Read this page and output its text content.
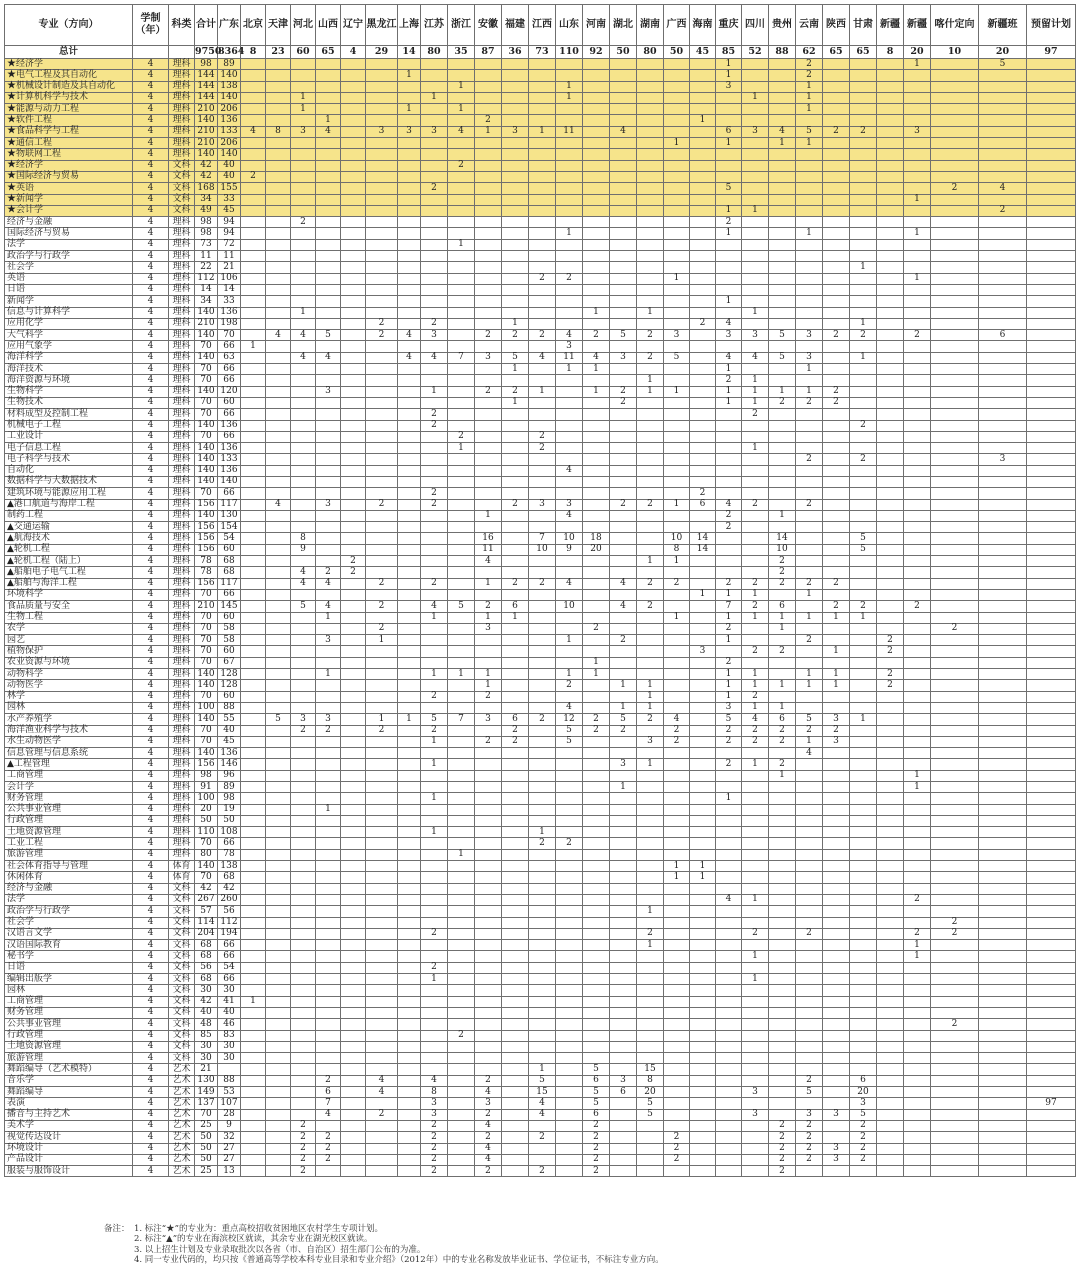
专业（方向）	学制（年）	科类	合计	广东	北京	天津	河北	山西	辽宁	黑龙江	上海	江苏	浙江	安徽	福建	江西	山东	河南	湖北	湖南	广西	海南	重庆	四川	贵州	云南	陕西	甘肃	新疆	新疆	喀什定向	新疆班	预留计划
总计			9750	8364	8	23	60	65	4	29	14	80	35	87	36	73	110	92	50	80	50	45	85	52	88	62	65	65	8	20	10	20	97
★经济学	4	理科	98	89																			1			2				1		5	
★电气工程及其自动化	4	理科	144	140							1												1			2							
★机械设计制造及其自动化	4	理科	144	138									1				1						3			1							
★计算机科学与技术	4	理科	144	140			1					1					1							1		1							
★能源与动力工程	4	理科	210	206			1				1		1													1							
★软件工程	4	理科	140	136				1						2								1											
★食品科学与工程	4	理科	210	133	4	8	3	4		3	3	3	4	1	3	1	11		4				6	3	4	5	2	2		3			
★通信工程	4	理科	210	206																	1		1		1	1							
★物联网工程	4	理科	140	140																													
★经济学	4	文科	42	40									2																				
★国际经济与贸易	4	文科	42	40	2																												
★英语	4	文科	168	155								2											5								2	4	
★新闻学	4	文科	34	33																										1			
★会计学	4	文科	49	45																			1	1								2	
经济与金融	4	理科	98	94			2																2										
国际经济与贸易	4	理科	98	94													1						1			1				1			
法学	4	理科	73	72									1																				
政治学与行政学	4	理科	11	11																													
社会学	4	理科	22	21																								1					
英语	4	理科	112	106												2	2				1									1			
日语	4	理科	14	14																													
新闻学	4	理科	34	33																			1										
信息与计算科学	4	理科	140	136			1											1		1				1									
应用化学	4	理科	210	198						2		2			1							2	4					1					
大气科学	4	理科	140	70		4	4	5		2	4	3		2	2	2	4	2	5	2	3		3	3	5	3	2	2		2		6	
应用气象学	4	理科	70	66	1												3																
海洋科学	4	理科	140	63			4	4			4	4	7	3	5	4	11	4	3	2	5		4	4	5	3		1					
海洋技术	4	理科	70	66											1		1	1					1			1							
海洋资源与环境	4	理科	70	66																1			2	1									
生物科学	4	理科	140	120				3				1		2	2	1		1	2	1	1		1	1	1	1	2						
生物技术	4	理科	70	60											1				2				1	1	2	2	2						
材料成型及控制工程	4	理科	70	66								2												2									
机械电子工程	4	理科	140	136								2																2					
工业设计	4	理科	70	66									2			2																	
电子信息工程	4	理科	140	136									1			2								1									
电子科学与技术	4	理科	140	133																						2		2				3	
自动化	4	理科	140	136													4																
数据科学与大数据技术	4	理科	140	140																													
建筑环境与能源应用工程	4	理科	70	66								2										2											
▲港口航道与海岸工程	4	理科	156	117		4		3		2		2			2	3	3		2	2	1	6	4	2		2							
制药工程	4	理科	140	130										1			4						2		1								
▲交通运输	4	理科	156	154																			2										
▲航海技术	4	理科	156	54			8							16		7	10	18			10	14			14			5					
▲轮机工程	4	理科	156	60			9							11		10	9	20			8	14			10			5					
▲轮机工程（陆上）	4	理科	78	68					2					4						1	1				2								
▲船舶电子电气工程	4	理科	78	68			4	2	2																2								
▲船舶与海洋工程	4	理科	156	117			4	4		2		2		1	2	2	4		4	2	2		2	2	2	2	2						
环境科学	4	理科	70	66																		1	1	1		1							
食品质量与安全	4	理科	210	145			5	4		2		4	5	2	6		10		4	2			7	2	6		2	2		2			
生物工程	4	理科	70	60				1				1		1	1						1		1	1	1	1	1	1					
农学	4	理科	70	58						2				3				2					2		1						2		
园艺	4	理科	70	58				3		1							1		2				1			2			2				
植物保护	4	理科	70	60																		3		2	2		1		2				
农业资源与环境	4	理科	70	67														1					2										
动物科学	4	理科	140	128				1				1	1	1			1	1					1	1		1	1		2				
动物医学	4	理科	140	128										1			2		1	1			1	1	1	1	1		2				
林学	4	理科	70	60								2		2						1			1	2									
园林	4	理科	100	88													4		1	1			3	1	1								
水产养殖学	4	理科	140	55		5	3	3		1	1	5	7	3	6	2	12	2	5	2	4		5	4	6	5	3	1					
海洋渔业科学与技术	4	理科	70	40			2	2		2		2			2		5	2	2		2		2	2	2	2	2						
水生动物医学	4	理科	70	45								1		2	2		5			3	2		2	2	2	1	3						
信息管理与信息系统	4	理科	140	136																						4							
▲工程管理	4	理科	156	146								1							3	1			2	1	2								
工商管理	4	理科	98	96																					1					1			
会计学	4	理科	91	89															1											1			
财务管理	4	理科	100	98								1											1										
公共事业管理	4	理科	20	19				1																									
行政管理	4	理科	50	50																													
土地资源管理	4	理科	110	108								1				1																	
工业工程	4	理科	70	66												2	2																
旅游管理	4	理科	80	78									1																				
社会体育指导与管理	4	体育	140	138																	1	1											
休闲体育	4	体育	70	68																	1	1											
经济与金融	4	文科	42	42																													
法学	4	文科	267	260																			4	1						2			
政治学与行政学	4	文科	57	56																1													
社会学	4	文科	114	112																											2		
汉语言文学	4	文科	204	194								2								2				2		2				2	2		
汉语国际教育	4	文科	68	66																1										1			
秘书学	4	文科	68	66																				1						1			
日语	4	文科	56	54								2																					
编辑出版学	4	文科	68	66								1												1									
园林	4	文科	30	30																													
工商管理	4	文科	42	41	1																												
财务管理	4	文科	40	40																													
公共事业管理	4	文科	48	46																											2		
行政管理	4	文科	85	83									2																				
土地资源管理	4	文科	30	30																													
旅游管理	4	文科	30	30																													
舞蹈编导（艺术模特）	4	艺术	21													1		5		15													
音乐学	4	艺术	130	88				2		4		4		2		5		6	3	8						2		6					
舞蹈编导	4	艺术	149	53				6		4		8		4		15		5	6	20				3		5		20					
表演	4	艺术	137	107				7				3		3		4		5		5								3					97
播音与主持艺术	4	艺术	70	28				4		2		3		2		4		6		5				3		3	3	5					
美术学	4	艺术	25	9			2					2		4				2							2	2		2					
视觉传达设计	4	艺术	50	32			2	2				2		2		2		2			2				2	2		2					
环境设计	4	艺术	50	27			2	2				2		4				2			2				2	2	3	2					
产品设计	4	艺术	50	27			2	2				2		4				2			2				2	2	3	2					
服装与服饰设计	4	艺术	25	13			2					2		2		2		2							2								
备注： 1. 标注“★”的专业为：重点高校招收贫困地区农村学生专项计划。
2. 标注“▲”的专业在海滨校区就读，其余专业在湖光校区就读。
3. 以上招生计划及专业录取批次以各省（市、自治区）招生部门公布的为准。
4. 同一专业代码的，均只按《普通高等学校本科专业目录和专业介绍》（2012年）中的专业名称发放毕业证书、学位证书，不标注专业方向。
